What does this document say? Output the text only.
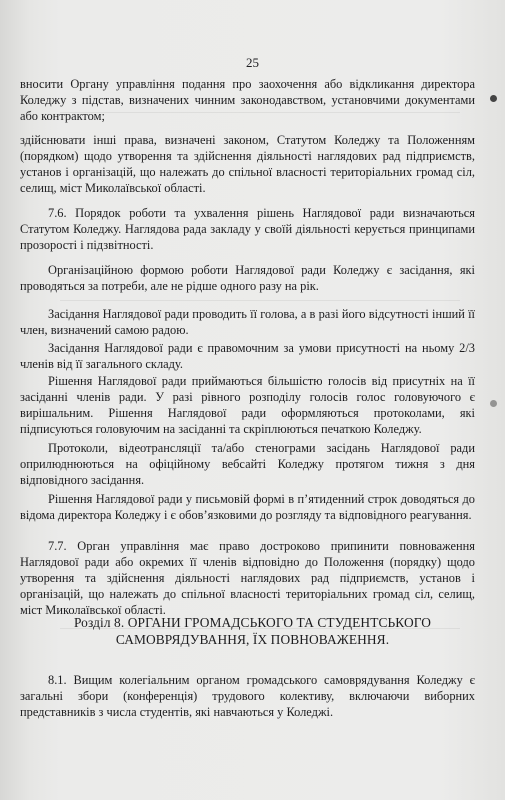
25

вносити Органу управління подання про заохочення або відкликання директора Коледжу з підстав, визначених чинним законодавством, установчими документами або контрактом;

здійснювати інші права, визначені законом, Статутом Коледжу та Положенням (порядком) щодо утворення та здійснення діяльності наглядових рад підприємств, установ і організацій, що належать до спільної власності територіальних громад сіл, селищ, міст Миколаївської області.

7.6. Порядок роботи та ухвалення рішень Наглядової ради визначаються Статутом Коледжу. Наглядова рада закладу у своїй діяльності керується принципами прозорості і підзвітності.

Організаційною формою роботи Наглядової ради Коледжу є засідання, які проводяться за потреби, але не рідше одного разу на рік.

Засідання Наглядової ради проводить її голова, а в разі його відсутності інший її член, визначений самою радою.

Засідання Наглядової ради є правомочним за умови присутності на ньому 2/3 членів від її загального складу.

Рішення Наглядової ради приймаються більшістю голосів від присутніх на її засіданні членів ради. У разі рівного розподілу голосів голос головуючого є вирішальним. Рішення Наглядової ради оформляються протоколами, які підписуються головуючим на засіданні та скріплюються печаткою Коледжу.

Протоколи, відеотрансляції та/або стенограми засідань Наглядової ради оприлюднюються на офіційному вебсайті Коледжу протягом тижня з дня відповідного засідання.

Рішення Наглядової ради у письмовій формі в п’ятиденний строк доводяться до відома директора Коледжу і є обов’язковими до розгляду та відповідного реагування.

7.7. Орган управління має право достроково припинити повноваження Наглядової ради або окремих її членів відповідно до Положення (порядку) щодо утворення та здійснення діяльності наглядових рад підприємств, установ і організацій, що належать до спільної власності територіальних громад сіл, селищ, міст Миколаївської області.

Розділ 8. ОРГАНИ ГРОМАДСЬКОГО ТА СТУДЕНТСЬКОГО
САМОВРЯДУВАННЯ, ЇХ ПОВНОВАЖЕННЯ.

8.1. Вищим колегіальним органом громадського самоврядування Коледжу є загальні збори (конференція) трудового колективу, включаючи виборних представників з числа студентів, які навчаються у Коледжі.
